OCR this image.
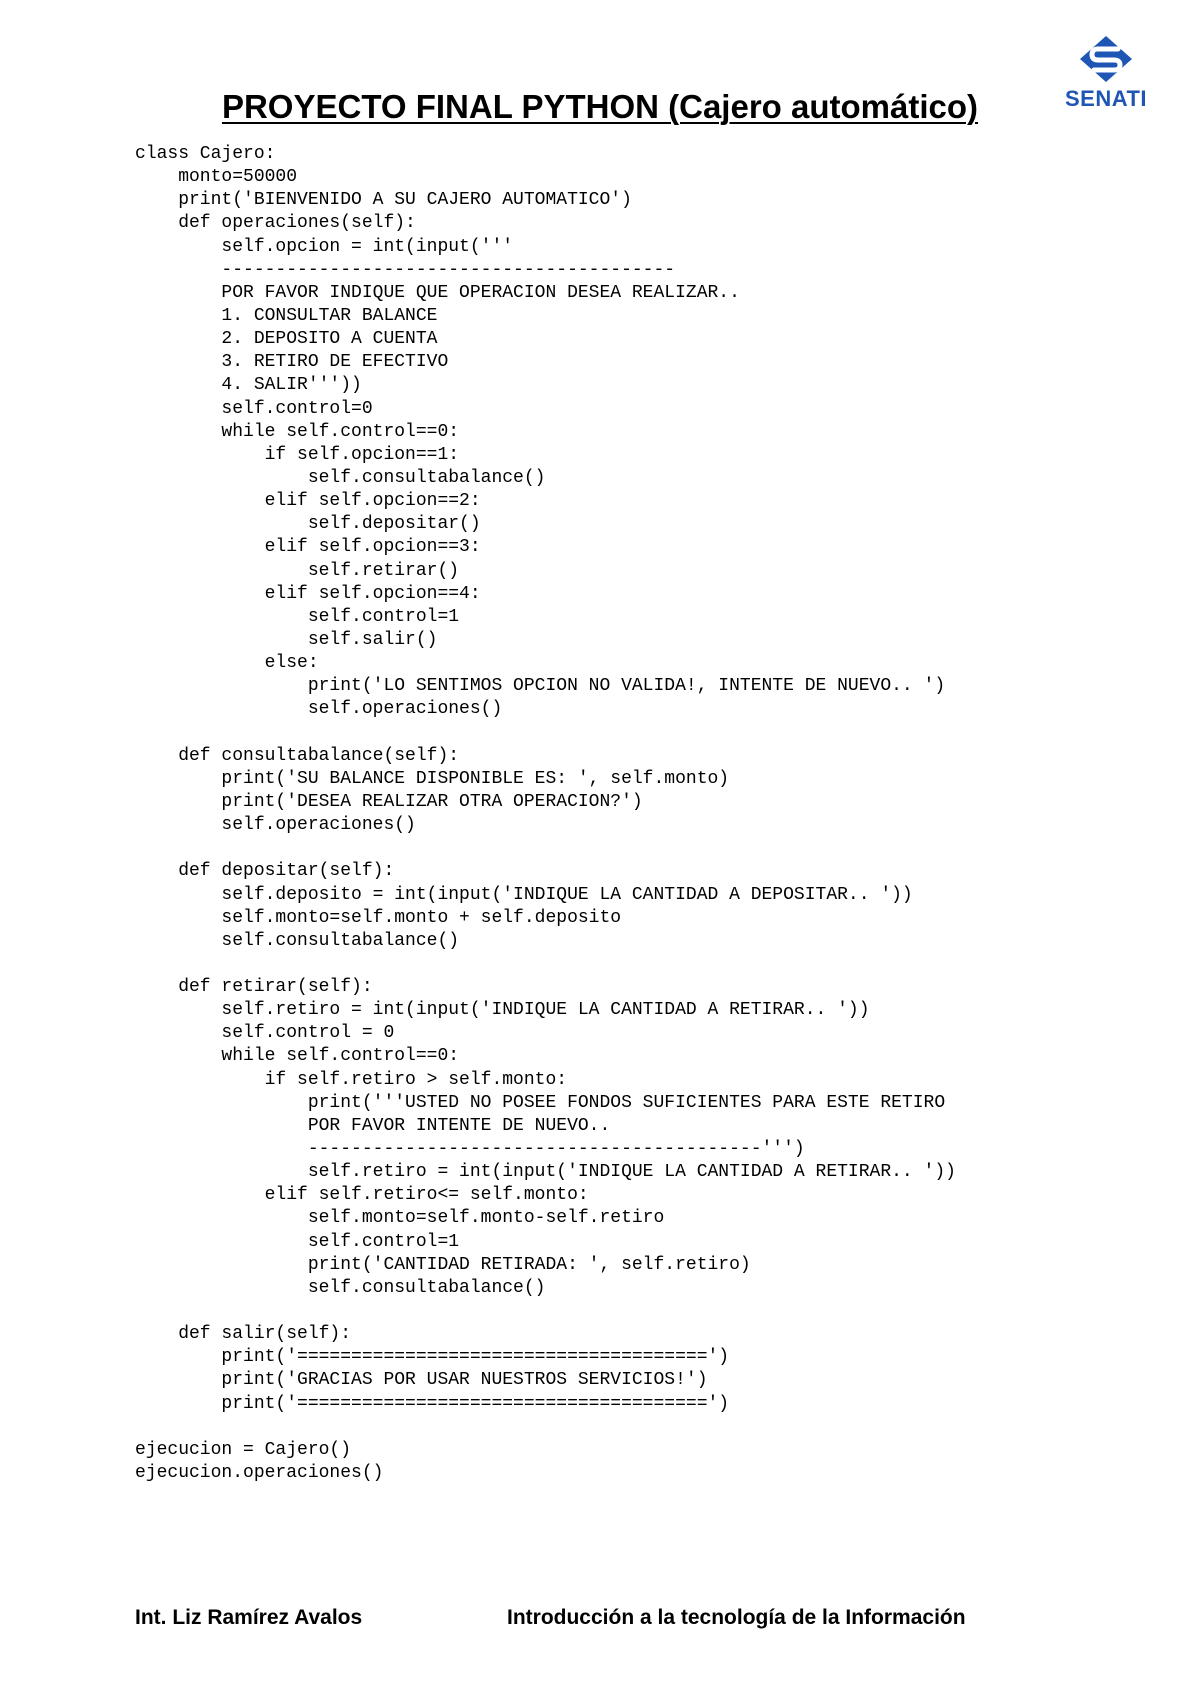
SENATI
PROYECTO FINAL PYTHON (Cajero automático)
class Cajero:
monto=50000
print('BIENVENIDO A SU CAJERO AUTOMATICO')
def operaciones(self):
self.opcion = int(input('''
------------------------------------------
POR FAVOR INDIQUE QUE OPERACION DESEA REALIZAR..
1. CONSULTAR BALANCE
2. DEPOSITO A CUENTA
3. RETIRO DE EFECTIVO
4. SALIR'''))
self.control=0
while self.control==0:
if self.opcion==1:
self.consultabalance()
elif self.opcion==2:
self.depositar()
elif self.opcion==3:
self.retirar()
elif self.opcion==4:
self.control=1
self.salir()
else:
print('LO SENTIMOS OPCION NO VALIDA!, INTENTE DE NUEVO.. ')
self.operaciones()
def consultabalance(self):
print('SU BALANCE DISPONIBLE ES: ', self.monto)
print('DESEA REALIZAR OTRA OPERACION?')
self.operaciones()
def depositar(self):
self.deposito = int(input('INDIQUE LA CANTIDAD A DEPOSITAR.. '))
self.monto=self.monto + self.deposito
self.consultabalance()
def retirar(self):
self.retiro = int(input('INDIQUE LA CANTIDAD A RETIRAR.. '))
self.control = 0
while self.control==0:
if self.retiro > self.monto:
print('''USTED NO POSEE FONDOS SUFICIENTES PARA ESTE RETIRO
POR FAVOR INTENTE DE NUEVO..
------------------------------------------''')
self.retiro = int(input('INDIQUE LA CANTIDAD A RETIRAR.. '))
elif self.retiro<= self.monto:
self.monto=self.monto-self.retiro
self.control=1
print('CANTIDAD RETIRADA: ', self.retiro)
self.consultabalance()
def salir(self):
print('======================================')
print('GRACIAS POR USAR NUESTROS SERVICIOS!')
print('======================================')
ejecucion = Cajero()
ejecucion.operaciones()
Int. Liz Ramírez Avalos	Introducción a la tecnología de la Información
